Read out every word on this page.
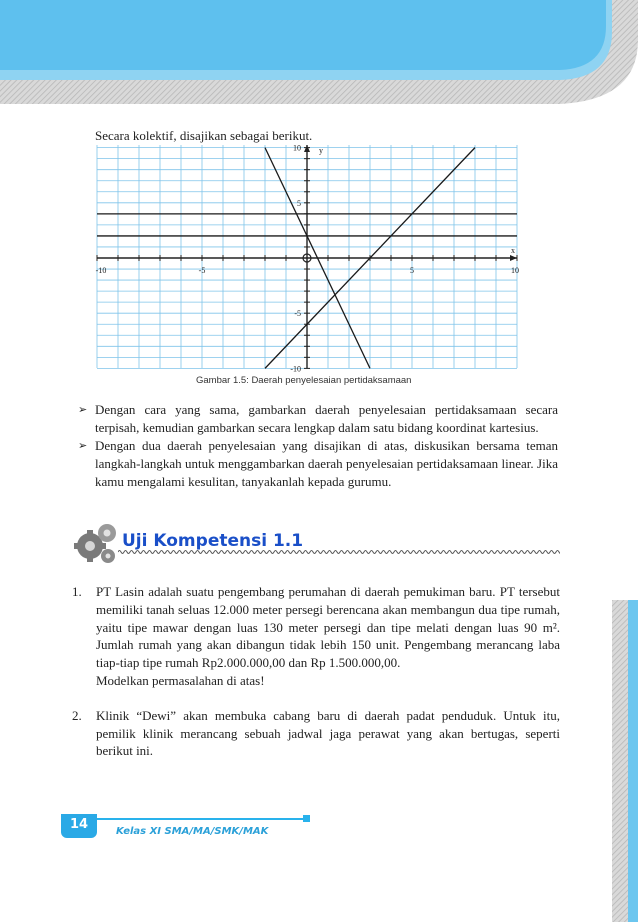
Secara kolektif, disajikan sebagai berikut.
-10	-5	5	10
10
5
-5
-10
x
y
Gambar 1.5: Daerah penyelesaian pertidaksamaan
➢ Dengan cara yang sama, gambarkan daerah penyelesaian pertidaksamaan secara terpisah, kemudian gambarkan secara lengkap dalam satu bidang koordinat kartesius.
➢ Dengan dua daerah penyelesaian yang disajikan di atas, diskusikan bersama teman langkah-langkah untuk menggambarkan daerah penyelesaian pertidaksamaan linear. Jika kamu mengalami kesulitan, tanyakanlah kepada gurumu.
Uji Kompetensi 1.1
1. PT Lasin adalah suatu pengembang perumahan di daerah pemukiman baru. PT tersebut memiliki tanah seluas 12.000 meter persegi berencana akan membangun dua tipe rumah, yaitu tipe mawar dengan luas 130 meter persegi dan tipe melati dengan luas 90 m². Jumlah rumah yang akan dibangun tidak lebih 150 unit. Pengembang merancang laba tiap-tiap tipe rumah Rp2.000.000,00 dan Rp 1.500.000,00.
Modelkan permasalahan di atas!
2. Klinik “Dewi” akan membuka cabang baru di daerah padat penduduk. Untuk itu, pemilik klinik merancang sebuah jadwal jaga perawat yang akan bertugas, seperti berikut ini.
14	Kelas XI SMA/MA/SMK/MAK
